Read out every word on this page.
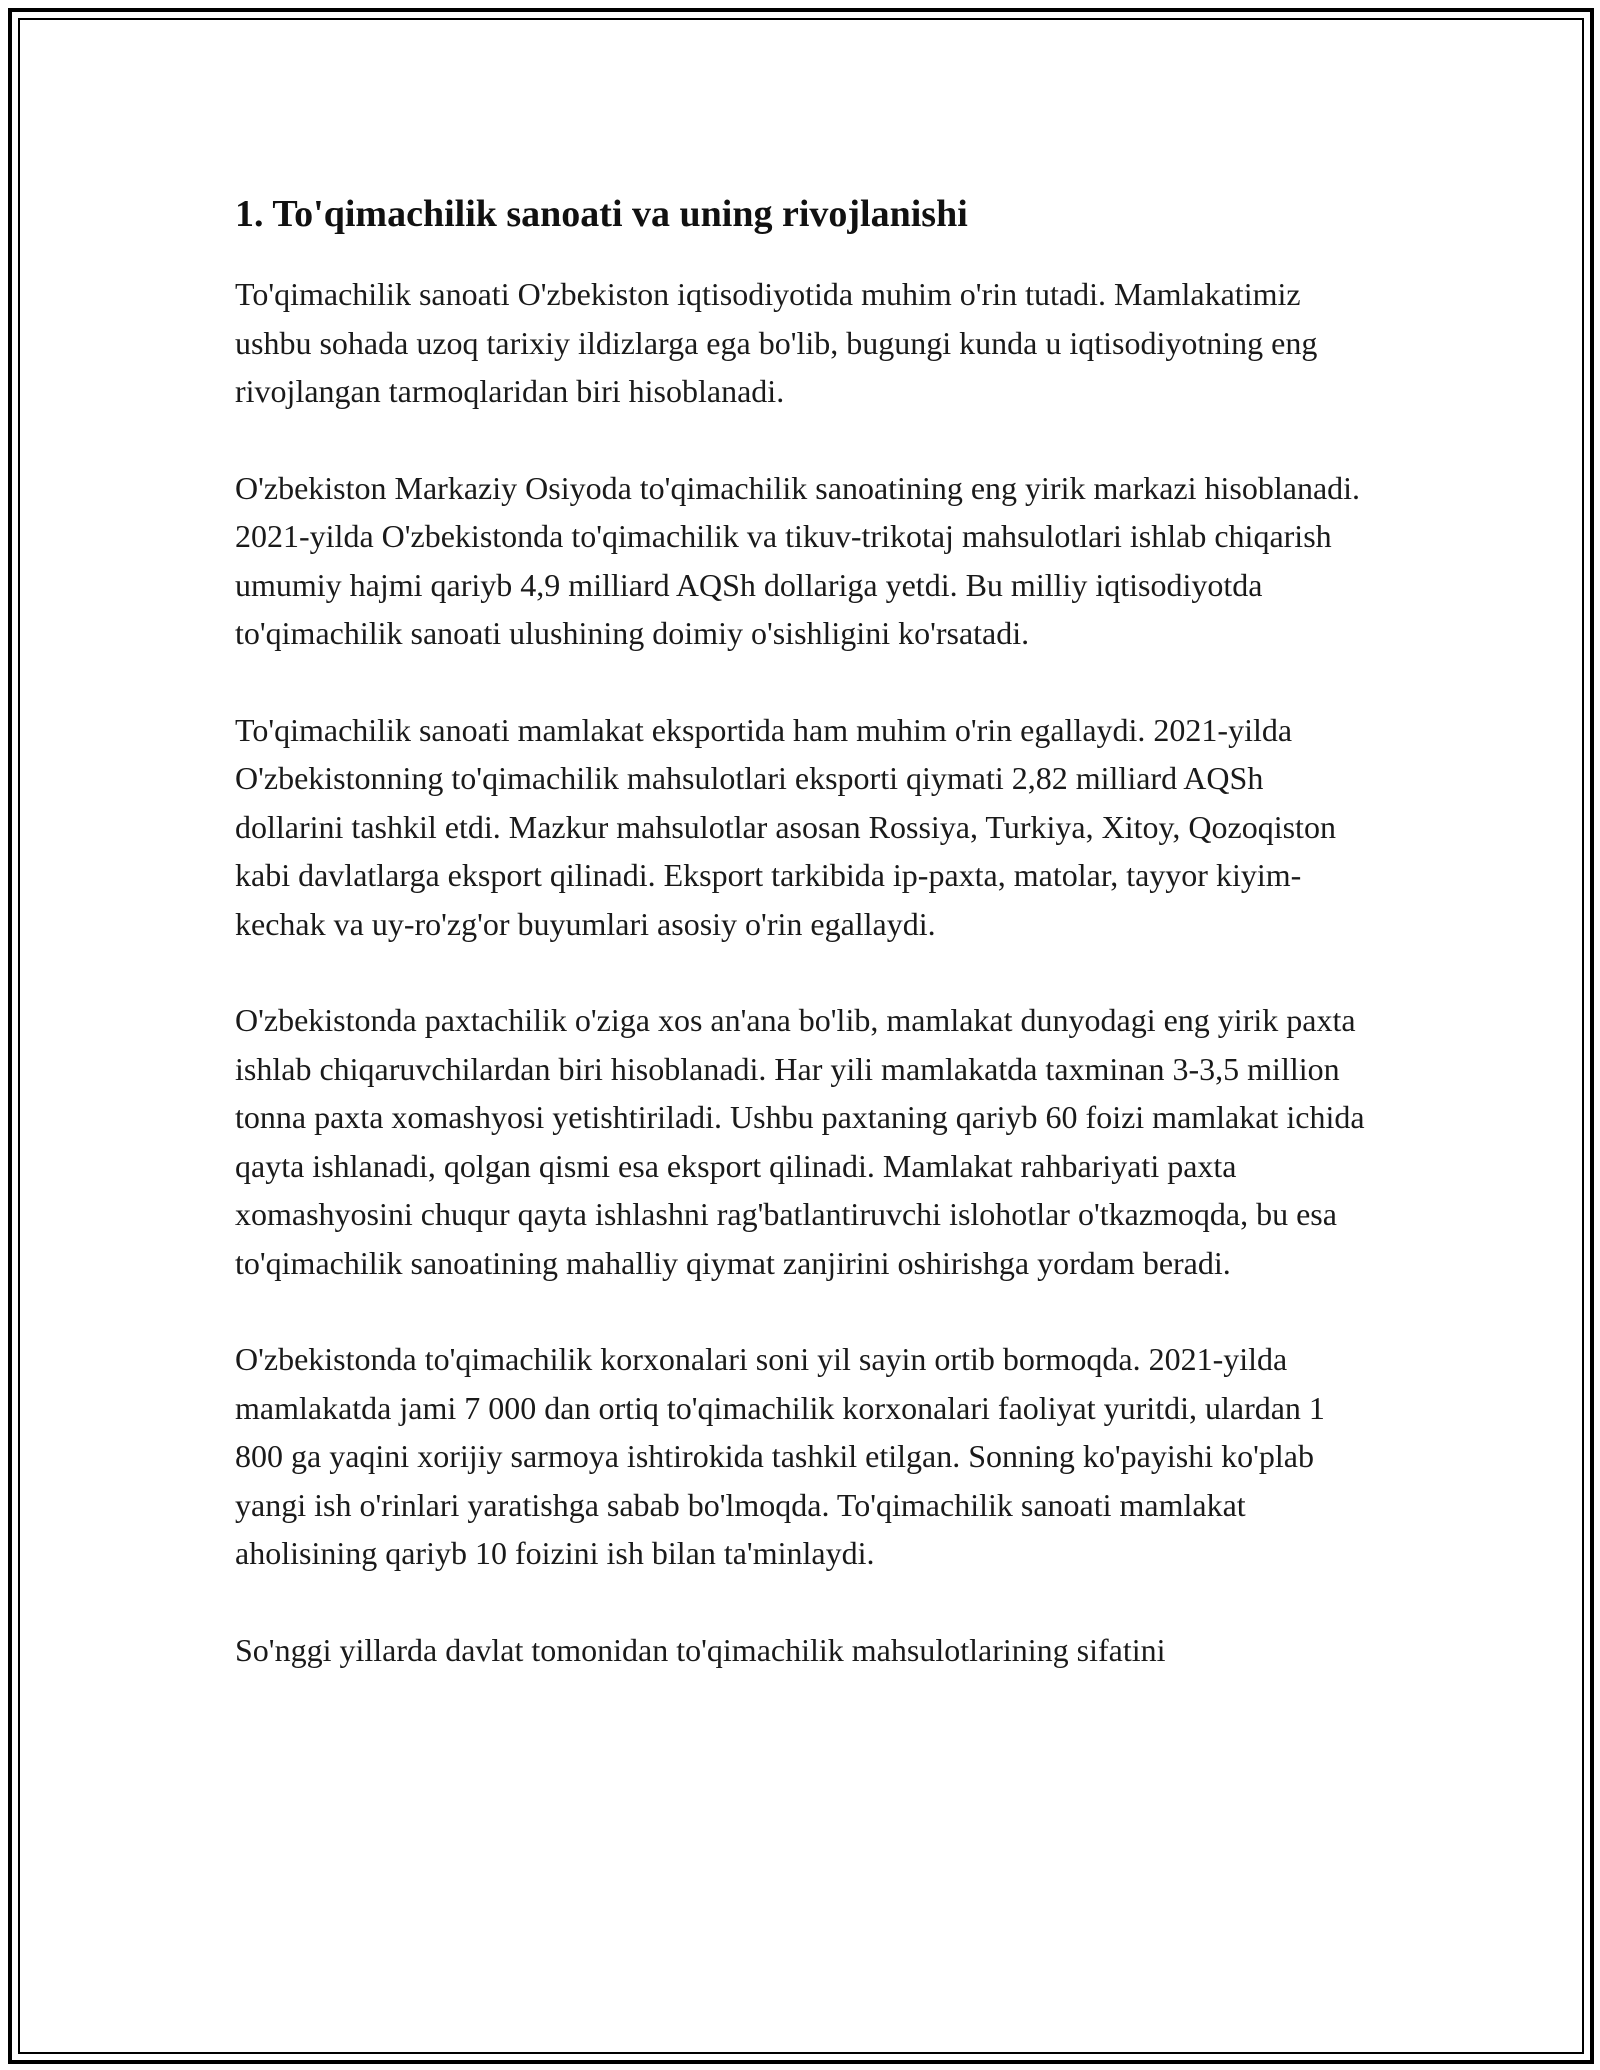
1. To'qimachilik sanoati va uning rivojlanishi

To'qimachilik sanoati O'zbekiston iqtisodiyotida muhim o'rin tutadi. Mamlakatimiz ushbu sohada uzoq tarixiy ildizlarga ega bo'lib, bugungi kunda u iqtisodiyotning eng rivojlangan tarmoqlaridan biri hisoblanadi.

O'zbekiston Markaziy Osiyoda to'qimachilik sanoatining eng yirik markazi hisoblanadi. 2021-yilda O'zbekistonda to'qimachilik va tikuv-trikotaj mahsulotlari ishlab chiqarish umumiy hajmi qariyb 4,9 milliard AQSh dollariga yetdi. Bu milliy iqtisodiyotda to'qimachilik sanoati ulushining doimiy o'sishligini ko'rsatadi.

To'qimachilik sanoati mamlakat eksportida ham muhim o'rin egallaydi. 2021-yilda O'zbekistonning to'qimachilik mahsulotlari eksporti qiymati 2,82 milliard AQSh dollarini tashkil etdi. Mazkur mahsulotlar asosan Rossiya, Turkiya, Xitoy, Qozoqiston kabi davlatlarga eksport qilinadi. Eksport tarkibida ip-paxta, matolar, tayyor kiyim-kechak va uy-ro'zg'or buyumlari asosiy o'rin egallaydi.

O'zbekistonda paxtachilik o'ziga xos an'ana bo'lib, mamlakat dunyodagi eng yirik paxta ishlab chiqaruvchilardan biri hisoblanadi. Har yili mamlakatda taxminan 3-3,5 million tonna paxta xomashyosi yetishtiriladi. Ushbu paxtaning qariyb 60 foizi mamlakat ichida qayta ishlanadi, qolgan qismi esa eksport qilinadi. Mamlakat rahbariyati paxta xomashyosini chuqur qayta ishlashni rag'batlantiruvchi islohotlar o'tkazmoqda, bu esa to'qimachilik sanoatining mahalliy qiymat zanjirini oshirishga yordam beradi.

O'zbekistonda to'qimachilik korxonalari soni yil sayin ortib bormoqda. 2021-yilda mamlakatda jami 7 000 dan ortiq to'qimachilik korxonalari faoliyat yuritdi, ulardan 1 800 ga yaqini xorijiy sarmoya ishtirokida tashkil etilgan. Sonning ko'payishi ko'plab yangi ish o'rinlari yaratishga sabab bo'lmoqda. To'qimachilik sanoati mamlakat aholisining qariyb 10 foizini ish bilan ta'minlaydi.

So'nggi yillarda davlat tomonidan to'qimachilik mahsulotlarining sifatini
